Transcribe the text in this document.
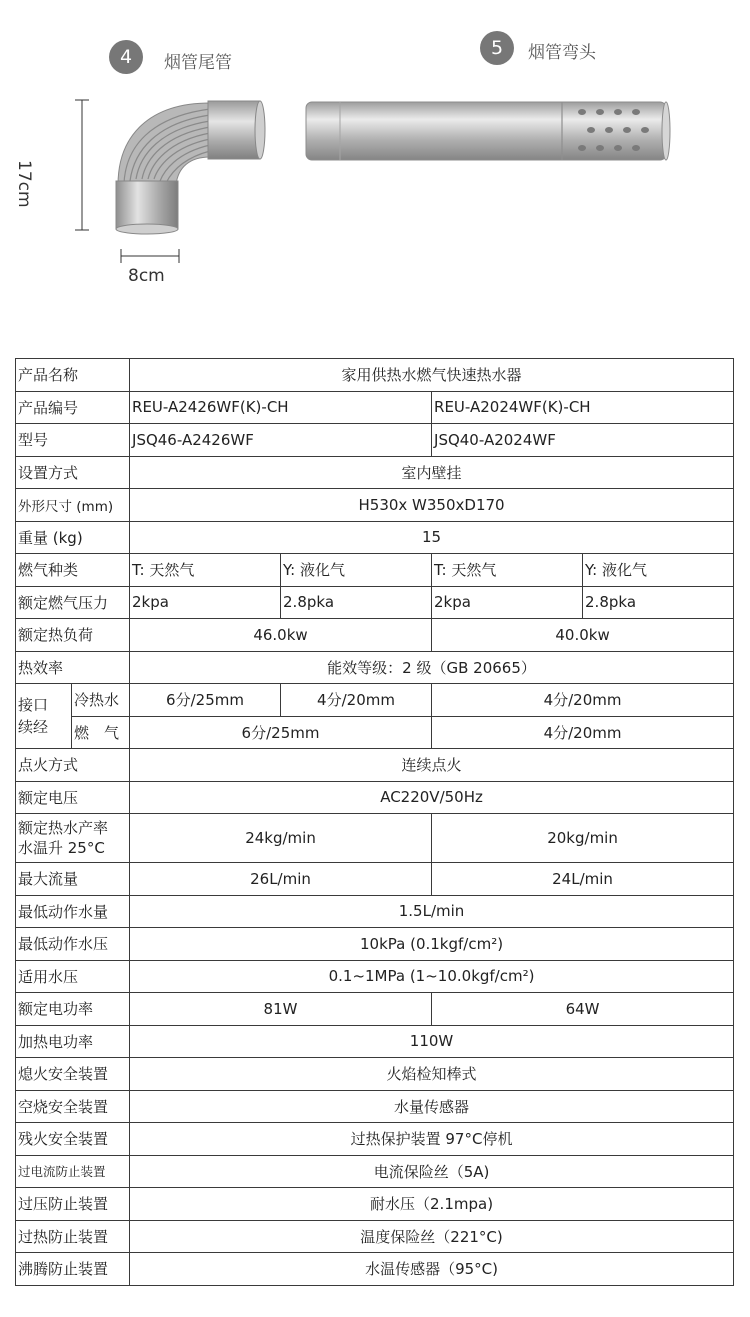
4	烟管尾管
17cm
8cm
5	烟管弯头
产品名称		家用供热水燃气快速热水器			
产品编号		REU-A2426WF(K)-CH		REU-A2024WF(K)-CH	
型号		JSQ46-A2426WF		JSQ40-A2024WF	
设置方式		室内壁挂			
外形尺寸 (mm)		H530x W350xD170			
重量 (kg)		15			
燃气种类		T: 天然气	Y: 液化气	T: 天然气	Y: 液化气
额定燃气压力		2kpa	2.8pka	2kpa	2.8pka
额定热负荷		46.0kw		40.0kw	
热效率		能效等级：2 级（GB 20665）			

接口
续经	冷热水	6分/25mm	4分/20mm	4分/20mm	
	燃　气	6分/25mm		4分/20mm	
点火方式		连续点火			
额定电压		AC220V/50Hz			

额定热水产率
水温升 25°C		24kg/min		20kg/min	
最大流量		26L/min		24L/min	
最低动作水量		1.5L/min			
最低动作水压		10kPa (0.1kgf/cm²)			
适用水压		0.1~1MPa (1~10.0kgf/cm²)			
额定电功率		81W		64W	
加热电功率		110W			
熄火安全装置		火焰检知棒式			
空烧安全装置		水量传感器			
残火安全装置		过热保护装置 97°C停机			
过电流防止装置		电流保险丝（5A)			
过压防止装置		耐水压（2.1mpa)			
过热防止装置		温度保险丝（221°C)			
沸腾防止装置		水温传感器（95°C)			
